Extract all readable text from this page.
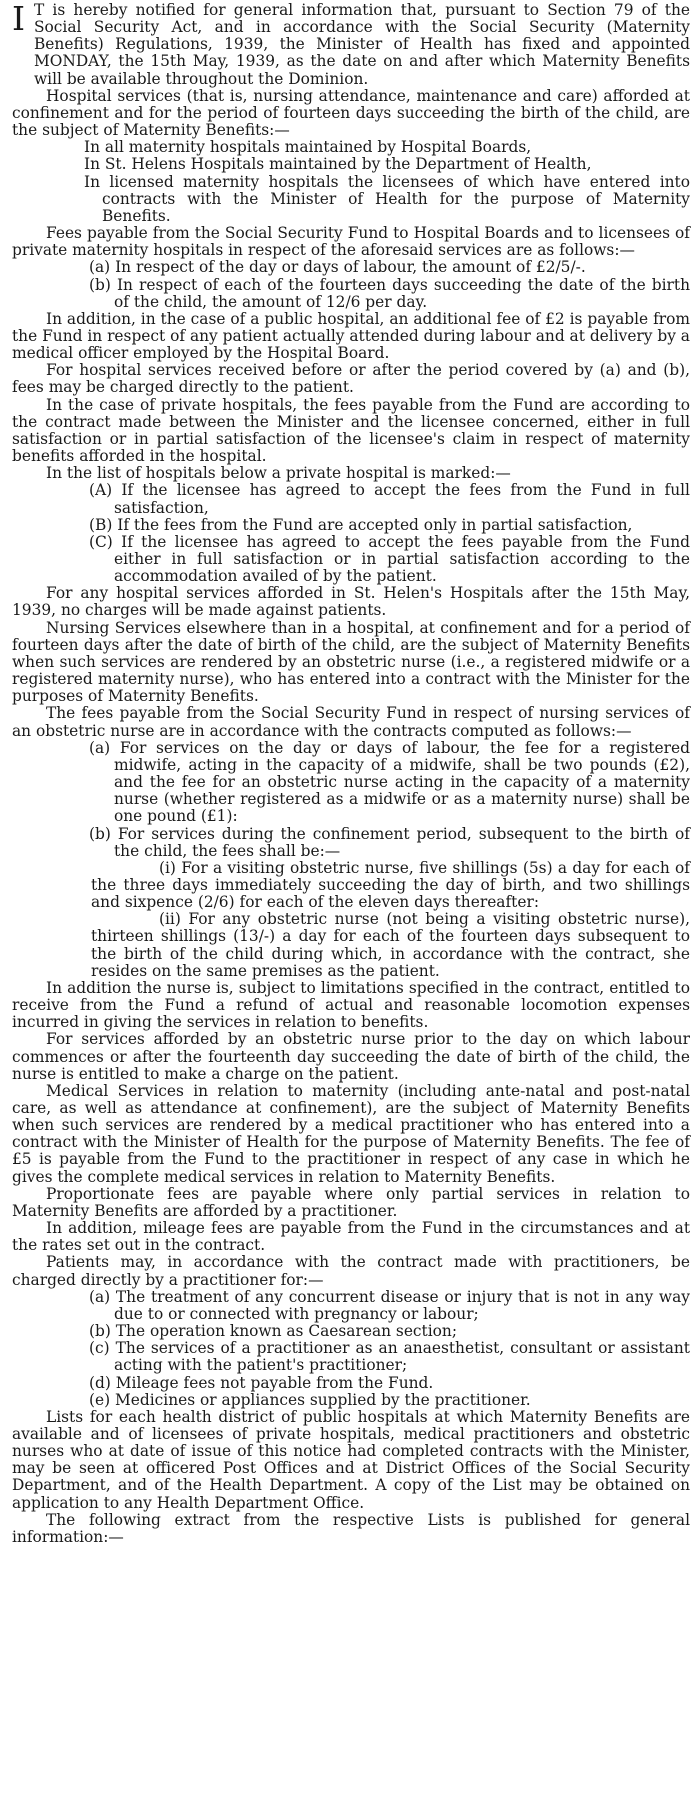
I T is hereby notified for general information that, pursuant to Section 79 of the Social Security Act, and in accordance with the Social Security (Maternity Benefits) Regulations, 1939, the Minister of Health has fixed and appointed MONDAY, the 15th May, 1939, as the date on and after which Maternity Benefits will be available throughout the Dominion.

Hospital services (that is, nursing attendance, maintenance and care) afforded at confinement and for the period of fourteen days succeeding the birth of the child, are the subject of Maternity Benefits:—

In all maternity hospitals maintained by Hospital Boards,
In St. Helens Hospitals maintained by the Department of Health,
In licensed maternity hospitals the licensees of which have entered into contracts with the Minister of Health for the purpose of Maternity Benefits.

Fees payable from the Social Security Fund to Hospital Boards and to licensees of private maternity hospitals in respect of the aforesaid services are as follows:—

(a) In respect of the day or days of labour, the amount of £2/5/-.
(b) In respect of each of the fourteen days succeeding the date of the birth of the child, the amount of 12/6 per day.

In addition, in the case of a public hospital, an additional fee of £2 is payable from the Fund in respect of any patient actually attended during labour and at delivery by a medical officer employed by the Hospital Board.

For hospital services received before or after the period covered by (a) and (b), fees may be charged directly to the patient.

In the case of private hospitals, the fees payable from the Fund are according to the contract made between the Minister and the licensee concerned, either in full satisfaction or in partial satisfaction of the licensee's claim in respect of maternity benefits afforded in the hospital.

In the list of hospitals below a private hospital is marked:—

(A) If the licensee has agreed to accept the fees from the Fund in full satisfaction,
(B) If the fees from the Fund are accepted only in partial satisfaction,
(C) If the licensee has agreed to accept the fees payable from the Fund either in full satisfaction or in partial satisfaction according to the accommodation availed of by the patient.

For any hospital services afforded in St. Helen's Hospitals after the 15th May, 1939, no charges will be made against patients.

Nursing Services elsewhere than in a hospital, at confinement and for a period of fourteen days after the date of birth of the child, are the subject of Maternity Benefits when such services are rendered by an obstetric nurse (i.e., a registered midwife or a registered maternity nurse), who has entered into a contract with the Minister for the purposes of Maternity Benefits.

The fees payable from the Social Security Fund in respect of nursing services of an obstetric nurse are in accordance with the contracts computed as follows:—

(a) For services on the day or days of labour, the fee for a registered midwife, acting in the capacity of a midwife, shall be two pounds (£2), and the fee for an obstetric nurse acting in the capacity of a maternity nurse (whether registered as a midwife or as a maternity nurse) shall be one pound (£1):
(b) For services during the confinement period, subsequent to the birth of the child, the fees shall be:—
(i) For a visiting obstetric nurse, five shillings (5s) a day for each of the three days immediately succeeding the day of birth, and two shillings and sixpence (2/6) for each of the eleven days thereafter:
(ii) For any obstetric nurse (not being a visiting obstetric nurse), thirteen shillings (13/-) a day for each of the fourteen days subsequent to the birth of the child during which, in accordance with the contract, she resides on the same premises as the patient.

In addition the nurse is, subject to limitations specified in the contract, entitled to receive from the Fund a refund of actual and reasonable locomotion expenses incurred in giving the services in relation to benefits.

For services afforded by an obstetric nurse prior to the day on which labour commences or after the fourteenth day succeeding the date of birth of the child, the nurse is entitled to make a charge on the patient.

Medical Services in relation to maternity (including ante-natal and post-natal care, as well as attendance at confinement), are the subject of Maternity Benefits when such services are rendered by a medical practitioner who has entered into a contract with the Minister of Health for the purpose of Maternity Benefits. The fee of £5 is payable from the Fund to the practitioner in respect of any case in which he gives the complete medical services in relation to Maternity Benefits.

Proportionate fees are payable where only partial services in relation to Maternity Benefits are afforded by a practitioner.

In addition, mileage fees are payable from the Fund in the circumstances and at the rates set out in the contract.

Patients may, in accordance with the contract made with practitioners, be charged directly by a practitioner for:—

(a) The treatment of any concurrent disease or injury that is not in any way due to or connected with pregnancy or labour;
(b) The operation known as Caesarean section;
(c) The services of a practitioner as an anaesthetist, consultant or assistant acting with the patient's practitioner;
(d) Mileage fees not payable from the Fund.
(e) Medicines or appliances supplied by the practitioner.

Lists for each health district of public hospitals at which Maternity Benefits are available and of licensees of private hospitals, medical practitioners and obstetric nurses who at date of issue of this notice had completed contracts with the Minister, may be seen at officered Post Offices and at District Offices of the Social Security Department, and of the Health Department. A copy of the List may be obtained on application to any Health Department Office.

The following extract from the respective Lists is published for general information:—
